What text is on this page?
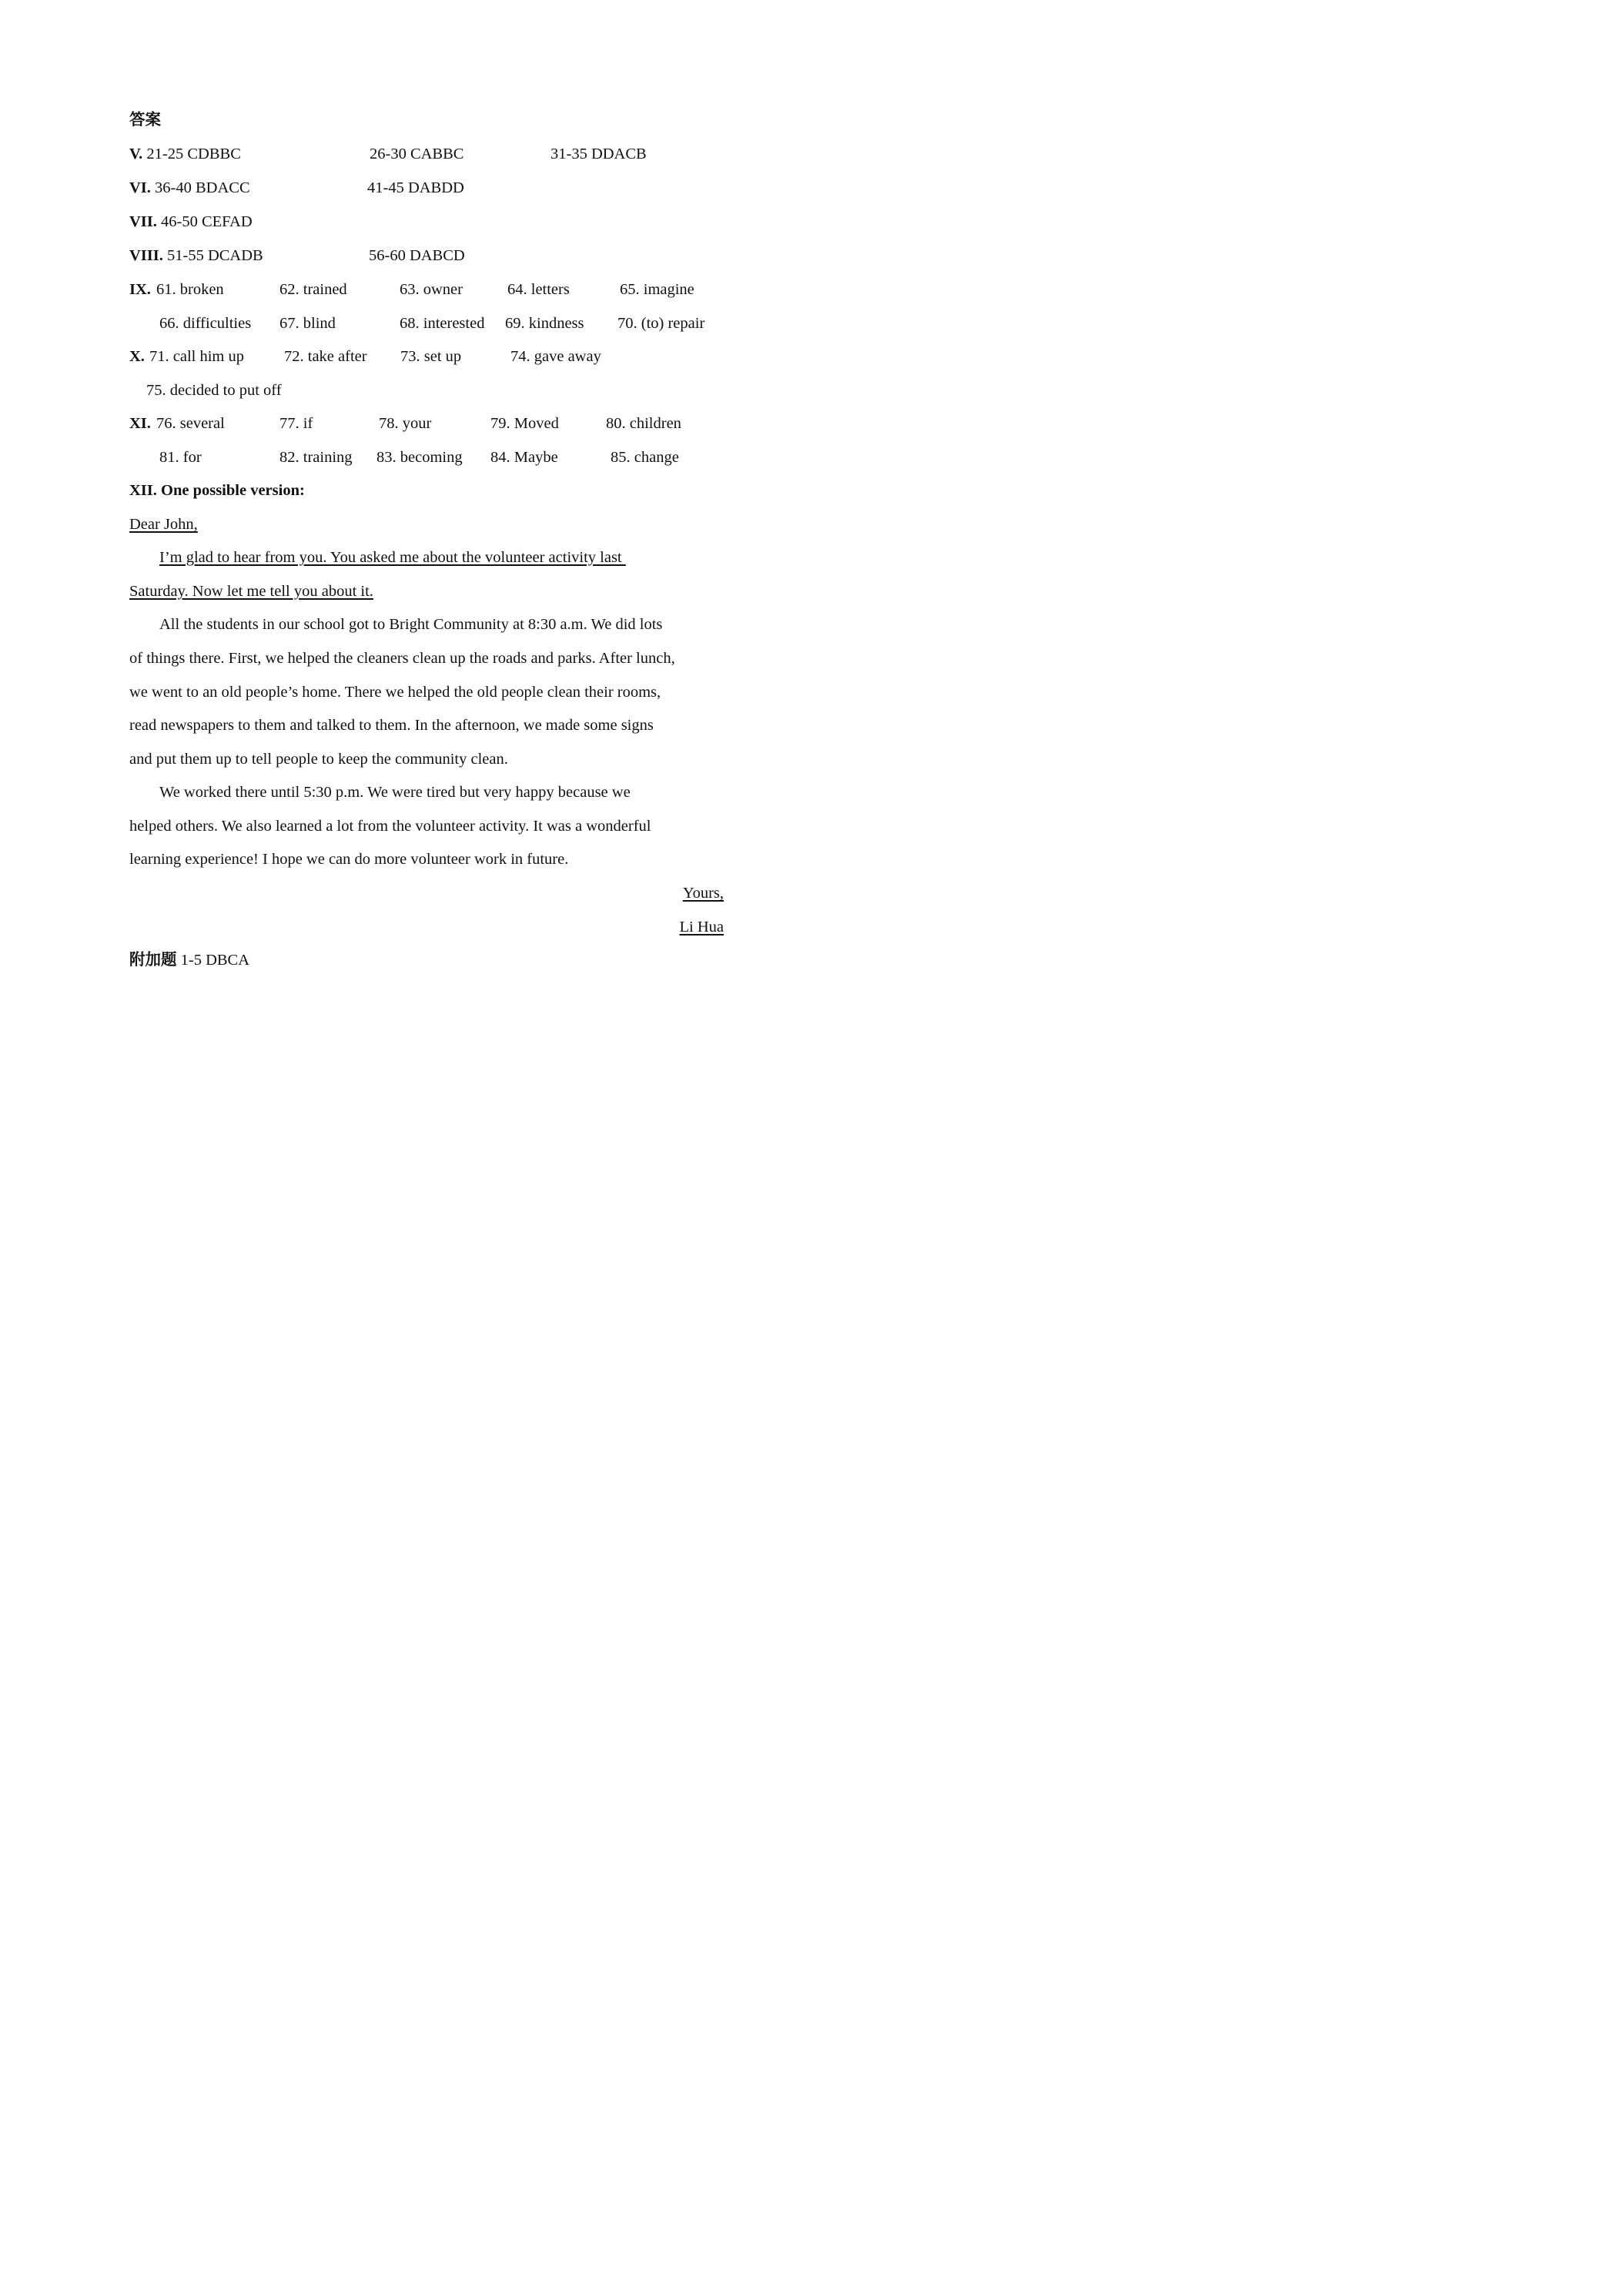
答案
V. 21-25 CDBBC	26-30 CABBC	31-35 DDACB
VI. 36-40 BDACC	41-45 DABDD
VII. 46-50 CEFAD
VIII. 51-55 DCADB	56-60 DABCD
IX. 61. broken	62. trained	63. owner	64. letters	65. imagine
66. difficulties 67. blind	68. interested 69. kindness 70. (to) repair
X. 71. call him up	72. take after 73. set up	74. gave away
75. decided to put off
XI. 76. several	77. if	78. your	79. Moved	80. children
81. for	82. training 83. becoming 84. Maybe	85. change
XII. One possible version:
Dear John,
I’m glad to hear from you. You asked me about the volunteer activity last
Saturday. Now let me tell you about it.
All the students in our school got to Bright Community at 8:30 a.m. We did lots
of things there. First, we helped the cleaners clean up the roads and parks. After lunch,
we went to an old people’s home. There we helped the old people clean their rooms,
read newspapers to them and talked to them. In the afternoon, we made some signs
and put them up to tell people to keep the community clean.
We worked there until 5:30 p.m. We were tired but very happy because we
helped others. We also learned a lot from the volunteer activity. It was a wonderful
learning experience! I hope we can do more volunteer work in future.
Yours,
Li Hua
附加题 1-5 DBCA
